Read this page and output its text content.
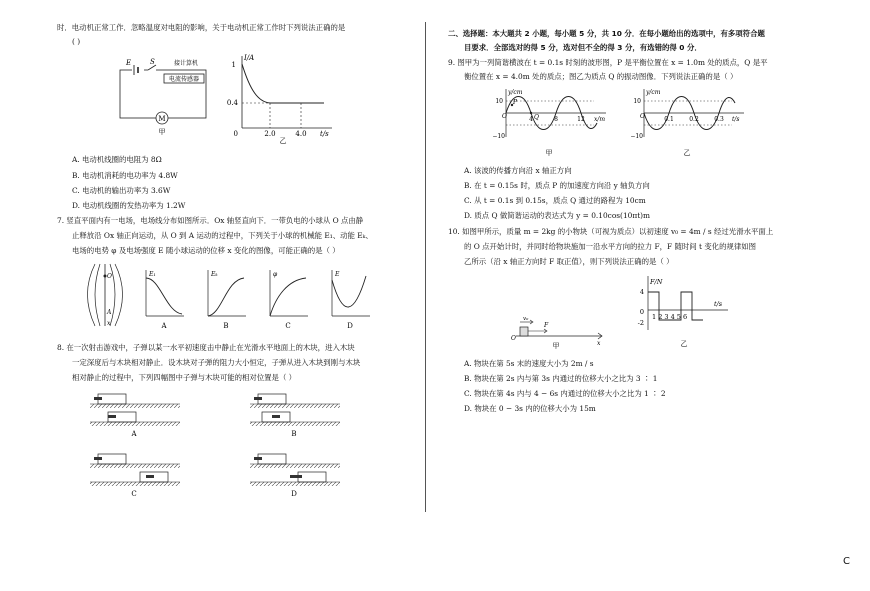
时．电动机正常工作．忽略温度对电阻的影响，关于电动机正常工作时下列说法正确的是
( )
E	S	接计算机
电流传感器
M
甲
I/A
1
0.4
0	2.0	4.0 t/s
乙
A. 电动机线圈的电阻为 8Ω
B. 电动机消耗的电功率为 4.8W
C. 电动机的输出功率为 3.6W
D. 电动机线圈的发热功率为 1.2W
7. 竖直平面内有一电场，电场线分布如图所示．Ox 轴竖直向下．一带负电的小球从 O 点由静
止释放沿 Ox 轴正向运动，从 O 到 A 运动的过程中，下列关于小球的机械能 E₁、动能 Eₖ、
电场的电势 φ 及电场强度 E 随小球运动的位移 x 变化的图像，可能正确的是（ ）
O
A
x
E₁
A
Eₖ
B
φ
C
E
D
8. 在一次射击游戏中，子弹以某一水平初速度击中静止在光滑水平地面上的木块，进入木块
一定深度后与木块相对静止．设木块对子弹的阻力大小恒定，子弹从进入木块到刚与木块
相对静止的过程中，下列四幅图中子弹与木块可能的相对位置是（ ）
A	B
C	D
二、选择题：本大题共 2 小题，每小题 5 分，共 10 分．在每小题给出的选项中，有多项符合题
目要求．全部选对的得 5 分，选对但不全的得 3 分，有选错的得 0 分．
9. 图甲为一列简谐横波在 t = 0.1s 时刻的波形图，P 是平衡位置在 x = 1.0m 处的质点，Q 是平
衡位置在 x = 4.0m 处的质点；图乙为质点 Q 的振动图像．下列说法正确的是（ ）
y/cm
10
−10
O
P
Q
4	8	12 x/m
甲
y/cm
10
−10
O	0.1	0.2	0.3 t/s
乙
A. 该波的传播方向沿 x 轴正方向
B. 在 t = 0.15s 时，质点 P 的加速度方向沿 y 轴负方向
C. 从 t = 0.1s 到 0.15s，质点 Q 通过的路程为 10cm
D. 质点 Q 做简谐运动的表达式为 y = 0.10cos(10πt)m
10. 如图甲所示，质量 m = 2kg 的小物块（可视为质点）以初速度 v₀ = 4m / s 经过光滑水平面上
的 O 点开始计时，并同时给物块施加一沿水平方向的拉力 F，F 随时间 t 变化的规律如图
乙所示（沿 x 轴正方向时 F 取正值），则下列说法正确的是（ ）
v₀
F
O
x
甲
F/N
4
0
-2
1 2 3 4 5 6
t/s
乙
A. 物块在第 5s 末的速度大小为 2m / s
B. 物块在第 2s 内与第 3s 内通过的位移大小之比为 3 ∶ 1
C. 物块在第 4s 内与 4 − 6s 内通过的位移大小之比为 1 ∶ 2
D. 物块在 0 − 3s 内的位移大小为 15m
C
